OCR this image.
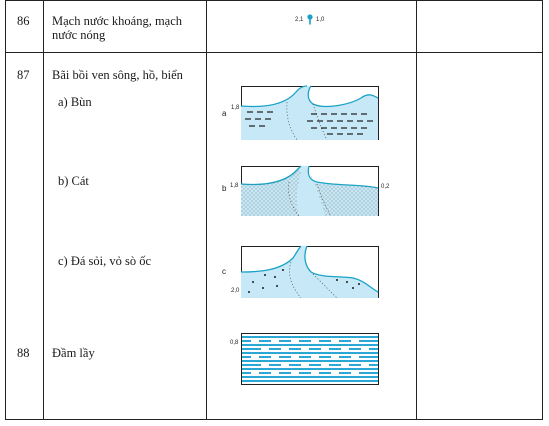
86 Mạch nước khoáng, mạch nước nóng
2,1 1,0
87 Bãi bồi ven sông, hồ, biển
a) Bùn
b) Cát
c) Đá sỏi, vỏ sò ốc
a
1,8
b 1,8	0,2
c
2,0
88 Đầm lầy
0,8
